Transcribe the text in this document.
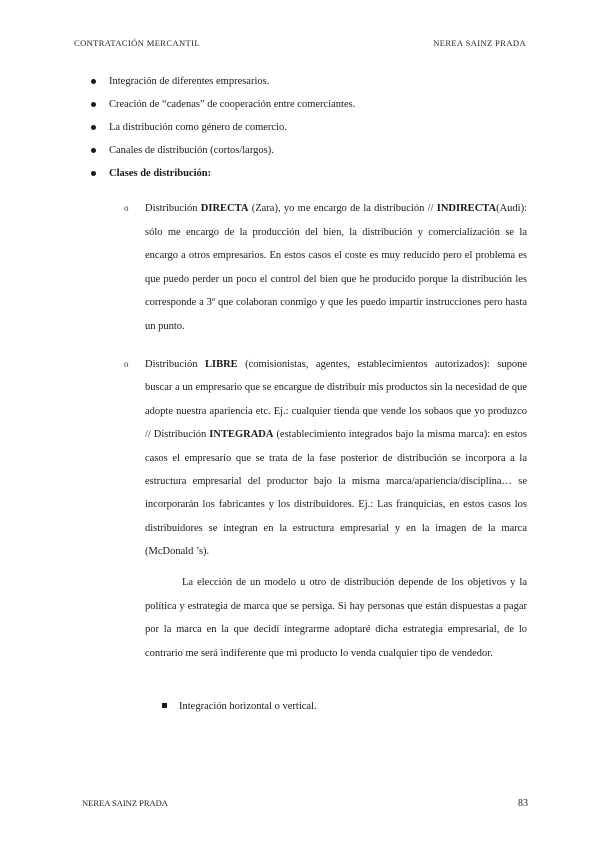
CONTRATACIÓN MERCANTIL	NEREA SAINZ PRADA
Integración de diferentes empresarios.
Creación de “cadenas” de cooperación entre comerciantes.
La distribución como género de comercio.
Canales de distribución (cortos/largos).
Clases de distribución:
o Distribución DIRECTA (Zara), yo me encargo de la distribución // INDIRECTA(Audi): sólo me encargo de la producción del bien, la distribución y comercialización se la encargo a otros empresarios. En estos casos el coste es muy reducido pero el problema es que puedo perder un poco el control del bien que he producido porque la distribución les corresponde a 3º que colaboran conmigo y que les puedo impartir instrucciones pero hasta un punto.

o Distribución LIBRE (comisionistas, agentes, establecimientos autorizados): supone buscar a un empresario que se encargue de distribuir mis productos sin la necesidad de que adopte nuestra apariencia etc. Ej.: cualquier tienda que vende los sobaos que yo produzco // Distribución INTEGRADA (establecimiento integrados bajo la misma marca): en estos casos el empresario que se trata de la fase posterior de distribución se incorpora a la estructura empresarial del productor bajo la misma marca/apariencia/disciplina… se incorporarán los fabricantes y los distribuidores. Ej.: Las franquicias, en estos casos los distribuidores se integran en la estructura empresarial y en la imagen de la marca (McDonald ’s).

La elección de un modelo u otro de distribución depende de los objetivos y la política y estrategia de marca que se persiga. Si hay personas que están dispuestas a pagar por la marca en la que decidí integrarme adoptaré dicha estrategia empresarial, de lo contrario me será indiferente que mi producto lo venda cualquier tipo de vendedor.

Integración horizontal o vertical.
NEREA SAINZ PRADA	83
